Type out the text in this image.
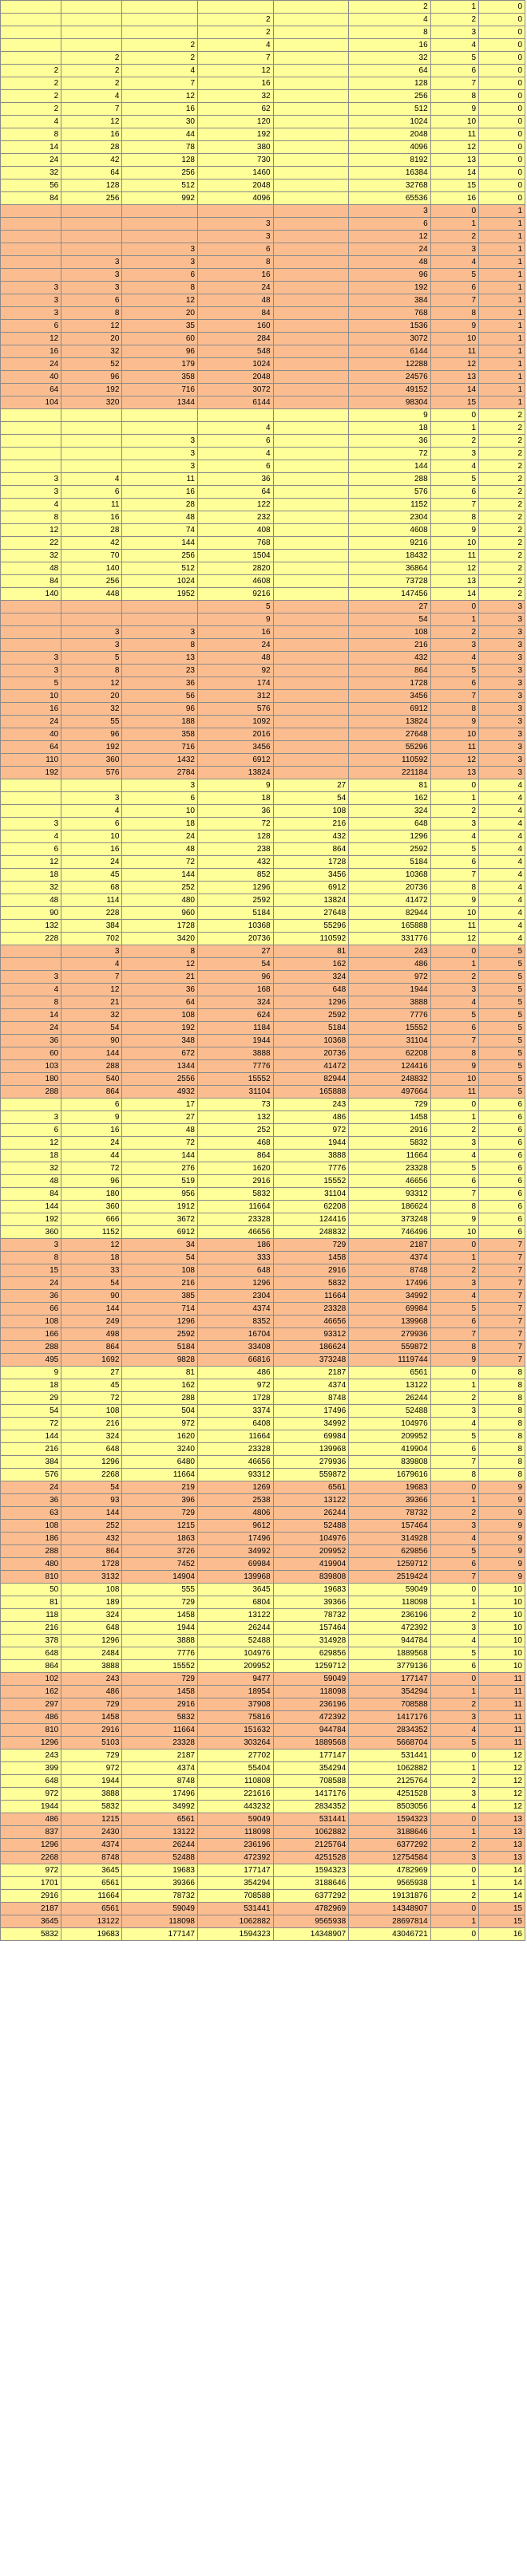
					2	1	0
			2		4	2	0
			2		8	3	0
		2	4		16	4	0
	2	2	7		32	5	0
2	2	4	12		64	6	0
2	2	7	16		128	7	0
2	4	12	32		256	8	0
2	7	16	62		512	9	0
4	12	30	120		1024	10	0
8	16	44	192		2048	11	0
14	28	78	380		4096	12	0
24	42	128	730		8192	13	0
32	64	256	1460		16384	14	0
56	128	512	2048		32768	15	0
84	256	992	4096		65536	16	0
					3	0	1
			3		6	1	1
			3		12	2	1
		3	6		24	3	1
	3	3	8		48	4	1
	3	6	16		96	5	1
3	3	8	24		192	6	1
3	6	12	48		384	7	1
3	8	20	84		768	8	1
6	12	35	160		1536	9	1
12	20	60	284		3072	10	1
16	32	96	548		6144	11	1
24	52	179	1024		12288	12	1
40	96	358	2048		24576	13	1
64	192	716	3072		49152	14	1
104	320	1344	6144		98304	15	1
					9	0	2
			4		18	1	2
		3	6		36	2	2
		3	4		72	3	2
		3	6		144	4	2
3	4	11	36		288	5	2
3	6	16	64		576	6	2
4	11	28	122		1152	7	2
8	16	48	232		2304	8	2
12	28	74	408		4608	9	2
22	42	144	768		9216	10	2
32	70	256	1504		18432	11	2
48	140	512	2820		36864	12	2
84	256	1024	4608		73728	13	2
140	448	1952	9216		147456	14	2
			5		27	0	3
			9		54	1	3
	3	3	16		108	2	3
	3	8	24		216	3	3
3	5	13	48		432	4	3
3	8	23	92		864	5	3
5	12	36	174		1728	6	3
10	20	56	312		3456	7	3
16	32	96	576		6912	8	3
24	55	188	1092		13824	9	3
40	96	358	2016		27648	10	3
64	192	716	3456		55296	11	3
110	360	1432	6912		110592	12	3
192	576	2784	13824		221184	13	3
		3	9	27	81	0	4
	3	6	18	54	162	1	4
	4	10	36	108	324	2	4
3	6	18	72	216	648	3	4
4	10	24	128	432	1296	4	4
6	16	48	238	864	2592	5	4
12	24	72	432	1728	5184	6	4
18	45	144	852	3456	10368	7	4
32	68	252	1296	6912	20736	8	4
48	114	480	2592	13824	41472	9	4
90	228	960	5184	27648	82944	10	4
132	384	1728	10368	55296	165888	11	4
228	702	3420	20736	110592	331776	12	4
	3	8	27	81	243	0	5
	4	12	54	162	486	1	5
3	7	21	96	324	972	2	5
4	12	36	168	648	1944	3	5
8	21	64	324	1296	3888	4	5
14	32	108	624	2592	7776	5	5
24	54	192	1184	5184	15552	6	5
36	90	348	1944	10368	31104	7	5
60	144	672	3888	20736	62208	8	5
103	288	1344	7776	41472	124416	9	5
180	540	2556	15552	82944	248832	10	5
288	864	4932	31104	165888	497664	11	5
	6	17	73	243	729	0	6
3	9	27	132	486	1458	1	6
6	16	48	252	972	2916	2	6
12	24	72	468	1944	5832	3	6
18	44	144	864	3888	11664	4	6
32	72	276	1620	7776	23328	5	6
48	96	519	2916	15552	46656	6	6
84	180	956	5832	31104	93312	7	6
144	360	1912	11664	62208	186624	8	6
192	666	3672	23328	124416	373248	9	6
360	1152	6912	46656	248832	746496	10	6
3	12	34	186	729	2187	0	7
8	18	54	333	1458	4374	1	7
15	33	108	648	2916	8748	2	7
24	54	216	1296	5832	17496	3	7
36	90	385	2304	11664	34992	4	7
66	144	714	4374	23328	69984	5	7
108	249	1296	8352	46656	139968	6	7
166	498	2592	16704	93312	279936	7	7
288	864	5184	33408	186624	559872	8	7
495	1692	9828	66816	373248	1119744	9	7
9	27	81	486	2187	6561	0	8
18	45	162	972	4374	13122	1	8
29	72	288	1728	8748	26244	2	8
54	108	504	3374	17496	52488	3	8
72	216	972	6408	34992	104976	4	8
144	324	1620	11664	69984	209952	5	8
216	648	3240	23328	139968	419904	6	8
384	1296	6480	46656	279936	839808	7	8
576	2268	11664	93312	559872	1679616	8	8
24	54	219	1269	6561	19683	0	9
36	93	396	2538	13122	39366	1	9
63	144	729	4806	26244	78732	2	9
108	252	1215	9612	52488	157464	3	9
186	432	1863	17496	104976	314928	4	9
288	864	3726	34992	209952	629856	5	9
480	1728	7452	69984	419904	1259712	6	9
810	3132	14904	139968	839808	2519424	7	9
50	108	555	3645	19683	59049	0	10
81	189	729	6804	39366	118098	1	10
118	324	1458	13122	78732	236196	2	10
216	648	1944	26244	157464	472392	3	10
378	1296	3888	52488	314928	944784	4	10
648	2484	7776	104976	629856	1889568	5	10
864	3888	15552	209952	1259712	3779136	6	10
102	243	729	9477	59049	177147	0	11
162	486	1458	18954	118098	354294	1	11
297	729	2916	37908	236196	708588	2	11
486	1458	5832	75816	472392	1417176	3	11
810	2916	11664	151632	944784	2834352	4	11
1296	5103	23328	303264	1889568	5668704	5	11
243	729	2187	27702	177147	531441	0	12
399	972	4374	55404	354294	1062882	1	12
648	1944	8748	110808	708588	2125764	2	12
972	3888	17496	221616	1417176	4251528	3	12
1944	5832	34992	443232	2834352	8503056	4	12
486	1215	6561	59049	531441	1594323	0	13
837	2430	13122	118098	1062882	3188646	1	13
1296	4374	26244	236196	2125764	6377292	2	13
2268	8748	52488	472392	4251528	12754584	3	13
972	3645	19683	177147	1594323	4782969	0	14
1701	6561	39366	354294	3188646	9565938	1	14
2916	11664	78732	708588	6377292	19131876	2	14
2187	6561	59049	531441	4782969	14348907	0	15
3645	13122	118098	1062882	9565938	28697814	1	15
5832	19683	177147	1594323	14348907	43046721	0	16
